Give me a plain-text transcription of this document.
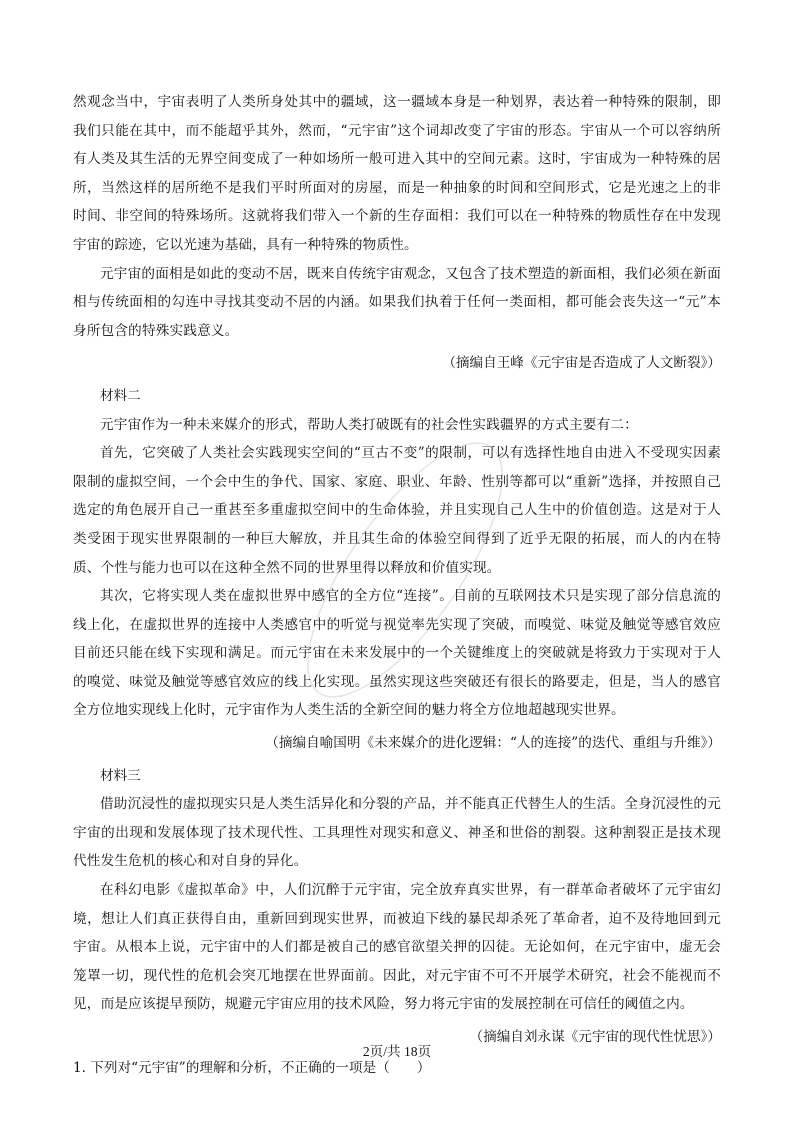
然观念当中，宇宙表明了人类所身处其中的疆域，这一疆域本身是一种划界，表达着一种特殊的限制，即我们只能在其中，而不能超乎其外，然而，“元宇宙”这个词却改变了宇宙的形态。宇宙从一个可以容纳所有人类及其生活的无界空间变成了一种如场所一般可进入其中的空间元素。这时，宇宙成为一种特殊的居所，当然这样的居所绝不是我们平时所面对的房屋，而是一种抽象的时间和空间形式，它是光速之上的非时间、非空间的特殊场所。这就将我们带入一个新的生存面相：我们可以在一种特殊的物质性存在中发现宇宙的踪迹，它以光速为基础，具有一种特殊的物质性。

元宇宙的面相是如此的变动不居，既来自传统宇宙观念，又包含了技术塑造的新面相，我们必须在新面相与传统面相的勾连中寻找其变动不居的内涵。如果我们执着于任何一类面相，都可能会丧失这一“元”本身所包含的特殊实践意义。

（摘编自王峰《元宇宙是否造成了人文断裂》）

材料二

元宇宙作为一种未来媒介的形式，帮助人类打破既有的社会性实践疆界的方式主要有二：

首先，它突破了人类社会实践现实空间的“亘古不变”的限制，可以有选择性地自由进入不受现实因素限制的虚拟空间，一个会中生的争代、国家、家庭、职业、年龄、性别等都可以“重新”选择，并按照自己选定的角色展开自己一重甚至多重虚拟空间中的生命体验，并且实现自己人生中的价值创造。这是对于人类受困于现实世界限制的一种巨大解放，并且其生命的体验空间得到了近乎无限的拓展，而人的内在特质、个性与能力也可以在这种全然不同的世界里得以释放和价值实现。

其次，它将实现人类在虚拟世界中感官的全方位“连接”。目前的互联网技术只是实现了部分信息流的线上化，在虚拟世界的连接中人类感官中的听觉与视觉率先实现了突破，而嗅觉、味觉及触觉等感官效应目前还只能在线下实现和满足。而元宇宙在未来发展中的一个关键维度上的突破就是将致力于实现对于人的嗅觉、味觉及触觉等感官效应的线上化实现。虽然实现这些突破还有很长的路要走，但是，当人的感官全方位地实现线上化时，元宇宙作为人类生活的全新空间的魅力将全方位地超越现实世界。

（摘编自喻国明《未来媒介的进化逻辑：“人的连接”的迭代、重组与升维》）

材料三

借助沉浸性的虚拟现实只是人类生活异化和分裂的产品，并不能真正代替生人的生活。全身沉浸性的元宇宙的出现和发展体现了技术现代性、工具理性对现实和意义、神圣和世俗的割裂。这种割裂正是技术现代性发生危机的核心和对自身的异化。

在科幻电影《虚拟革命》中，人们沉醉于元宇宙，完全放弃真实世界，有一群革命者破坏了元宇宙幻境，想让人们真正获得自由，重新回到现实世界，而被迫下线的暴民却杀死了革命者，迫不及待地回到元宇宙。从根本上说，元宇宙中的人们都是被自己的感官欲望关押的囚徒。无论如何，在元宇宙中，虚无会笼罩一切，现代性的危机会突兀地摆在世界面前。因此，对元宇宙不可不开展学术研究，社会不能视而不见，而是应该提早预防，规避元宇宙应用的技术风险，努力将元宇宙的发展控制在可信任的阈值之内。

（摘编自刘永谋《元宇宙的现代性忧思》）

1. 下列对“元宇宙”的理解和分析，不正确的一项是（　　）

2页/共 18页
